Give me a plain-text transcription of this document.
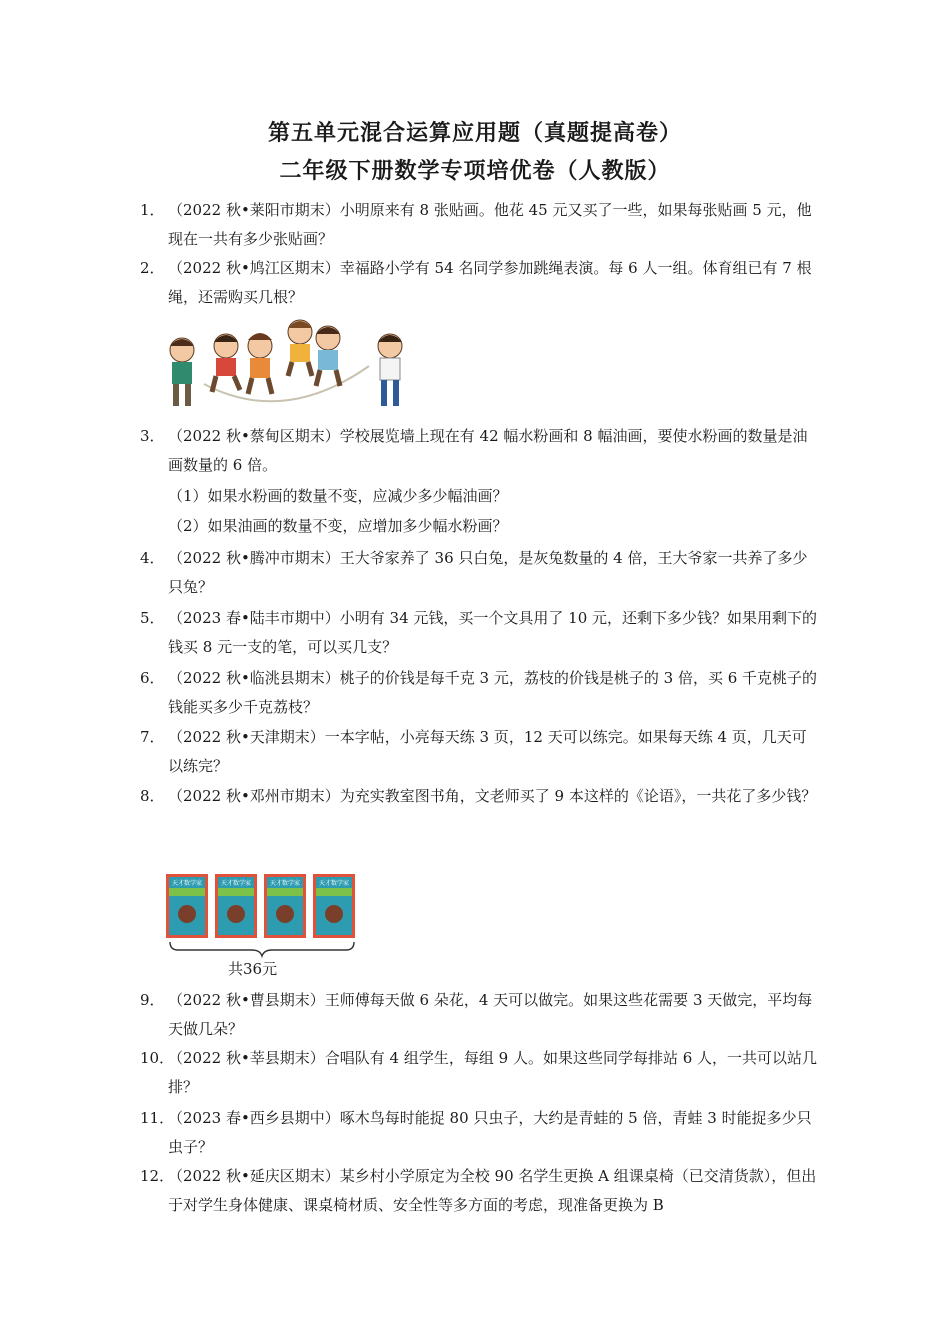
第五单元混合运算应用题（真题提高卷）
二年级下册数学专项培优卷（人教版）
1． （2022 秋•莱阳市期末）小明原来有 8 张贴画。他花 45 元又买了一些，如果每张贴画 5 元，他现在一共有多少张贴画？
2． （2022 秋•鸠江区期末）幸福路小学有 54 名同学参加跳绳表演。每 6 人一组。体育组已有 7 根绳，还需购买几根？
3． （2022 秋•蔡甸区期末）学校展览墙上现在有 42 幅水粉画和 8 幅油画，要使水粉画的数量是油画数量的 6 倍。
（1）如果水粉画的数量不变，应减少多少幅油画？
（2）如果油画的数量不变，应增加多少幅水粉画？
4． （2022 秋•腾冲市期末）王大爷家养了 36 只白兔，是灰兔数量的 4 倍，王大爷家一共养了多少只兔？
5． （2023 春•陆丰市期中）小明有 34 元钱，买一个文具用了 10 元，还剩下多少钱？如果用剩下的钱买 8 元一支的笔，可以买几支？
6． （2022 秋•临洮县期末）桃子的价钱是每千克 3 元，荔枝的价钱是桃子的 3 倍，买 6 千克桃子的钱能买多少千克荔枝？
7． （2022 秋•天津期末）一本字帖，小亮每天练 3 页，12 天可以练完。如果每天练 4 页，几天可以练完？
8． （2022 秋•邓州市期末）为充实教室图书角，文老师买了 9 本这样的《论语》，一共花了多少钱？
天才数学家	天才数学家	天才数学家	天才数学家
共36元
9． （2022 秋•曹县期末）王师傅每天做 6 朵花，4 天可以做完。如果这些花需要 3 天做完，平均每天做几朵？
10．
（2022 秋•莘县期末）合唱队有 4 组学生，每组 9 人。如果这些同学每排站 6 人，一共可以站几排？
11．
（2023 春•西乡县期中）啄木鸟每时能捉 80 只虫子，大约是青蛙的 5 倍，青蛙 3 时能捉多少只虫子？
12．
（2022 秋•延庆区期末）某乡村小学原定为全校 90 名学生更换 A 组课桌椅（已交清货款），但出于对学生身体健康、课桌椅材质、安全性等多方面的考虑，现准备更换为 B
